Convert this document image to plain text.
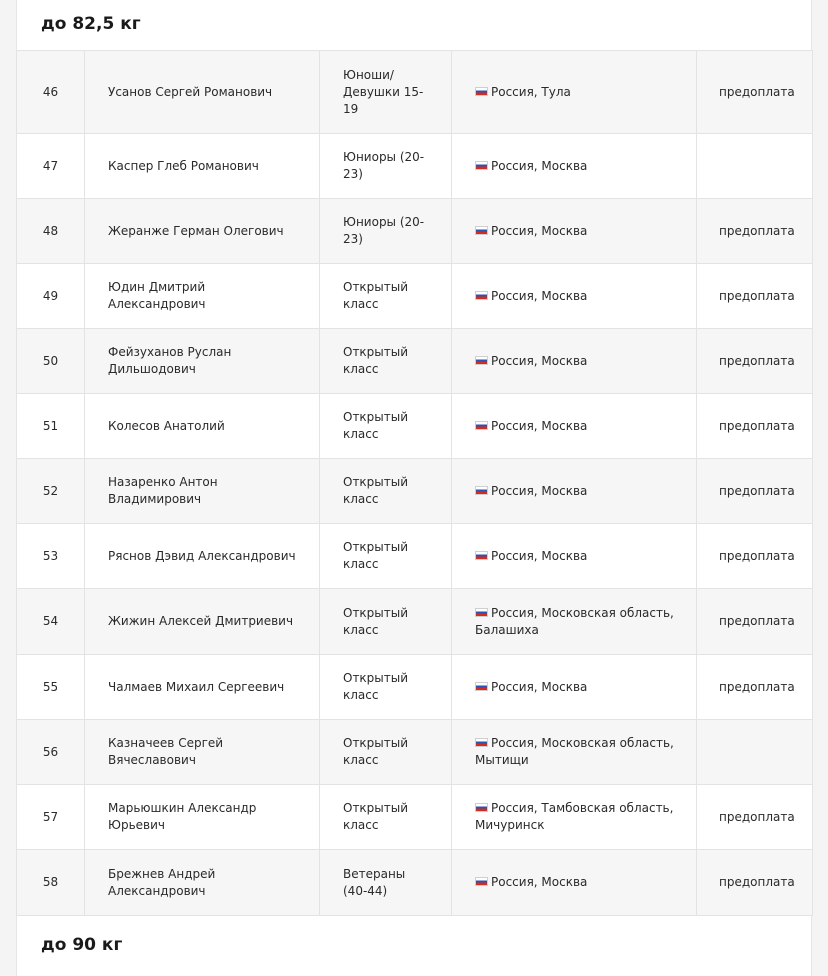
до 82,5 кг
46	Усанов Сергей Романович	Юноши/ Девушки 15-19	Россия, Тула	предоплата
47	Каспер Глеб Романович	Юниоры (20-23)	Россия, Москва	
48	Жеранже Герман Олегович	Юниоры (20-23)	Россия, Москва	предоплата
49	Юдин Дмитрий Александрович	Открытый класс	Россия, Москва	предоплата
50	Фейзуханов Руслан Дильшодович	Открытый класс	Россия, Москва	предоплата
51	Колесов Анатолий	Открытый класс	Россия, Москва	предоплата
52	Назаренко Антон Владимирович	Открытый класс	Россия, Москва	предоплата
53	Ряснов Дэвид Александрович	Открытый класс	Россия, Москва	предоплата
54	Жижин Алексей Дмитриевич	Открытый класс	Россия, Московская область, Балашиха	предоплата
55	Чалмаев Михаил Сергеевич	Открытый класс	Россия, Москва	предоплата
56	Казначеев Сергей Вячеславович	Открытый класс	Россия, Московская область, Мытищи	
57	Марьюшкин Александр Юрьевич	Открытый класс	Россия, Тамбовская область, Мичуринск	предоплата
58	Брежнев Андрей Александрович	Ветераны (40-44)	Россия, Москва	предоплата
до 90 кг
